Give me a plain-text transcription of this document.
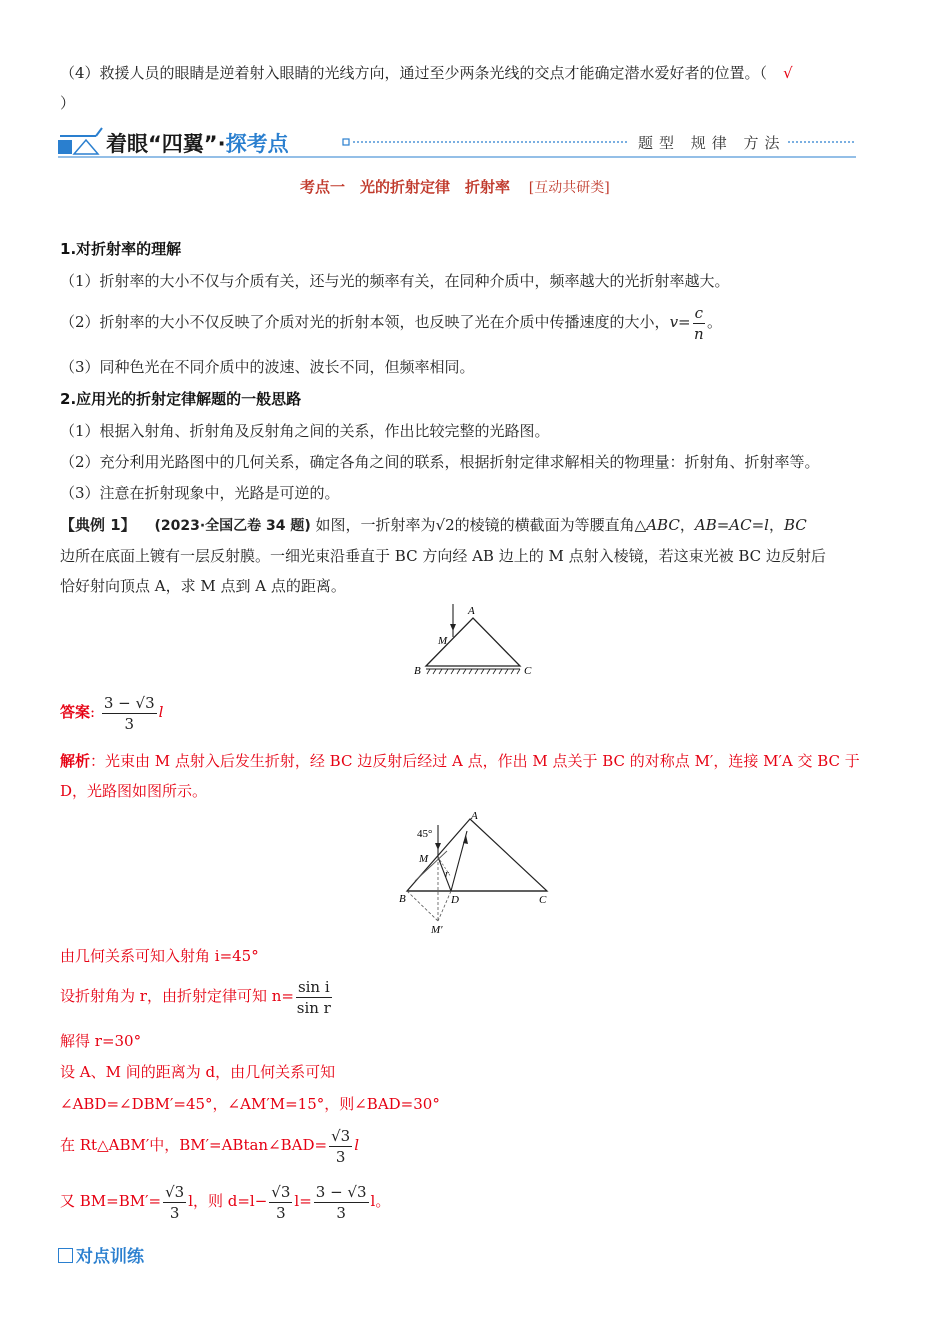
（4）救援人员的眼睛是逆着射入眼睛的光线方向，通过至少两条光线的交点才能确定潜水爱好者的位置。（ √
）
着眼“四翼”·探考点	题型 规律 方法
考点一　光的折射定律　折射率 [互动共研类]
1.对折射率的理解
（1）折射率的大小不仅与介质有关，还与光的频率有关，在同种介质中，频率越大的光折射率越大。
（2）折射率的大小不仅反映了介质对光的折射本领，也反映了光在介质中传播速度的大小，$v= \frac{c}{n}$ 。
（3）同种色光在不同介质中的波速、波长不同，但频率相同。
2.应用光的折射定律解题的一般思路
（1）根据入射角、折射角及反射角之间的关系，作出比较完整的光路图。
（2）充分利用光路图中的几何关系，确定各角之间的联系，根据折射定律求解相关的物理量：折射角、折射率等。
（3）注意在折射现象中，光路是可逆的。
【典例 1】 (2023·全国乙卷 34 题) 如图，一折射率为√2的棱镜的横截面为等腰直角△ABC，AB=AC=l，BC
边所在底面上镀有一层反射膜。一细光束沿垂直于 BC 方向经 AB 边上的 M 点射入棱镜，若这束光被 BC 边反射后
恰好射向顶点 A，求 M 点到 A 点的距离。
A
M
B	C
答案: $\frac{3 - √3}{3}$ l
解析：光束由 M 点射入后发生折射，经 BC 边反射后经过 A 点，作出 M 点关于 BC 的对称点 M′，连接 M′A 交 BC 于
D，光路图如图所示。
45°
A
M
r
B	D	C
M′
由几何关系可知入射角 i=45°
设折射角为 r，由折射定律可知 $n= \frac{\text{sin i}}{\text{sin r}}$
解得 r=30°
设 A、M 间的距离为 d，由几何关系可知
∠ABD=∠DBM′=45°，∠AM′M=15°，则∠BAD=30°
在 Rt△ABM′中，BM′=ABtan∠BAD= $\frac{√3}{3}$ l
又 $BM=BM'= \frac{√3}{3}$ l，则 $d=l- \frac{√3}{3} l= \frac{3 - √3}{3}$ l。
对点训练
